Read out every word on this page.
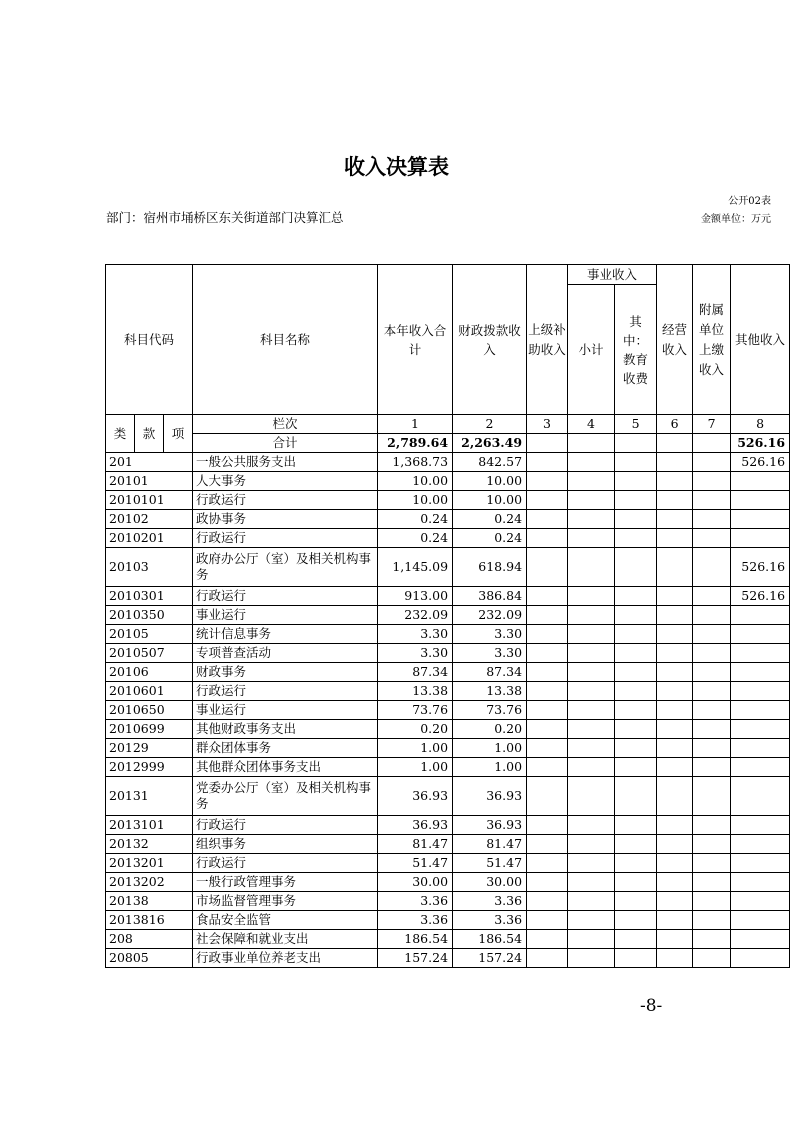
收入决算表
公开02表
部门：宿州市埇桥区东关街道部门决算汇总	金额单位：万元
科目代码			科目名称	本年收入合计	财政拨款收入	上级补助收入	事业收入		经营收入	附属单位上缴收入	其他收入
							小计	其中：教育收费			
类	款	项	栏次	1	2	3	4	5	6	7	8
			合计	2,789.64	2,263.49						526.16
201			一般公共服务支出	1,368.73	842.57						526.16
20101			人大事务	10.00	10.00						
2010101			行政运行	10.00	10.00						
20102			政协事务	0.24	0.24						
2010201			行政运行	0.24	0.24						
20103			政府办公厅（室）及相关机构事务	1,145.09	618.94						526.16
2010301			行政运行	913.00	386.84						526.16
2010350			事业运行	232.09	232.09						
20105			统计信息事务	3.30	3.30						
2010507			专项普查活动	3.30	3.30						
20106			财政事务	87.34	87.34						
2010601			行政运行	13.38	13.38						
2010650			事业运行	73.76	73.76						
2010699			其他财政事务支出	0.20	0.20						
20129			群众团体事务	1.00	1.00						
2012999			其他群众团体事务支出	1.00	1.00						
20131			党委办公厅（室）及相关机构事务	36.93	36.93						
2013101			行政运行	36.93	36.93						
20132			组织事务	81.47	81.47						
2013201			行政运行	51.47	51.47						
2013202			一般行政管理事务	30.00	30.00						
20138			市场监督管理事务	3.36	3.36						
2013816			食品安全监管	3.36	3.36						
208			社会保障和就业支出	186.54	186.54						
20805			行政事业单位养老支出	157.24	157.24						
-8-
